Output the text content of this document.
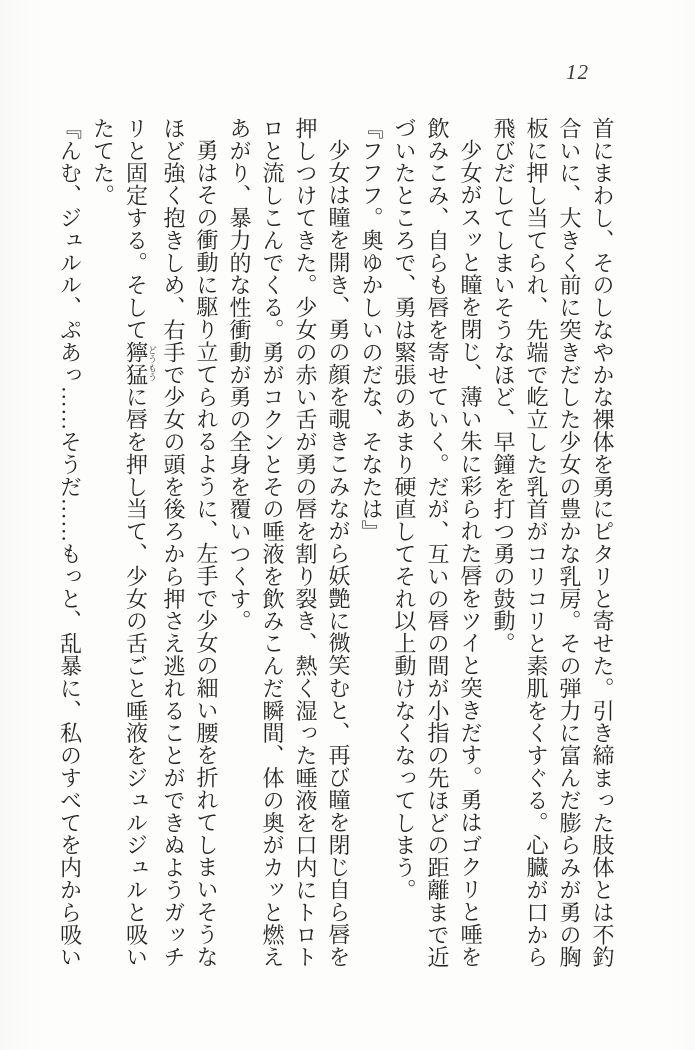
12

首にまわし、そのしなやかな裸体を勇にピタリと寄せた。引き締まった肢体とは不釣

合いに、大きく前に突きだした少女の豊かな乳房。その弾力に富んだ膨らみが勇の胸

板に押し当てられ、先端で屹立した乳首がコリコリと素肌をくすぐる。心臓が口から

飛びだしてしまいそうなほど、早鐘を打つ勇の鼓動。

少女がスッと瞳を閉じ、薄い朱に彩られた唇をツイと突きだす。勇はゴクリと唾を

飲みこみ、自らも唇を寄せていく。だが、互いの唇の間が小指の先ほどの距離まで近

づいたところで、勇は緊張のあまり硬直してそれ以上動けなくなってしまう。

『フフフ。奥ゆかしいのだな、そなたは』

少女は瞳を開き、勇の顔を覗きこみながら妖艶に微笑むと、再び瞳を閉じ自ら唇を

押しつけてきた。少女の赤い舌が勇の唇を割り裂き、熱く湿った唾液を口内にトロト

ロと流しこんでくる。勇がコクンとその唾液を飲みこんだ瞬間、体の奥がカッと燃え

あがり、暴力的な性衝動が勇の全身を覆いつくす。

勇はその衝動に駆り立てられるように、左手で少女の細い腰を折れてしまいそうな

ほど強く抱きしめ、右手で少女の頭を後ろから押さえ逃れることができぬようガッチ

リと固定する。そして獰猛どうもうに唇を押し当て、少女の舌ごと唾液をジュルジュルと吸い

たてた。

『んむ、ジュルル、ぷあっ……そうだ……もっと、乱暴に、私のすべてを内から吸い
